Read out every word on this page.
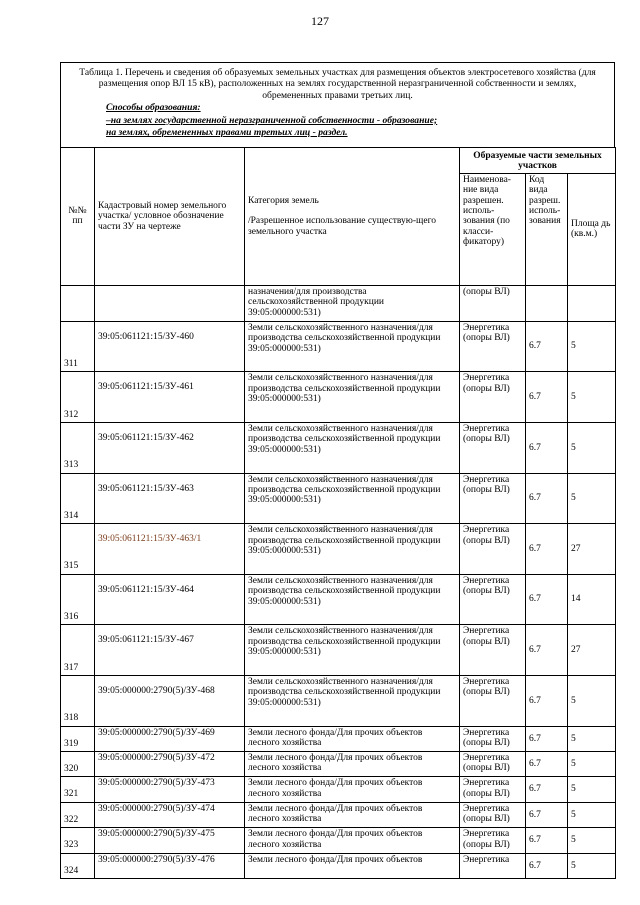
127
Таблица 1. Перечень и сведения об образуемых земельных участках для размещения объектов электросетевого хозяйства (для размещения опор ВЛ 15 кВ), расположенных на землях государственной неразграниченной собственности и землях, обремененных правами третьих лиц.
Способы образования:
–на землях государственной неразграниченной собственности - образование;
на землях, обремененных правами третьих лиц - раздел.
№№ пп	Кадастровый номер земельного участка/ условное обозначение части ЗУ на чертеже	Категория земель

/Разрешенное использование существую-щего земельного участка	Образуемые части земельных участков		
			Наименова-ние вида разрешен. исполь-зования (по класси-фикатору)	Код вида разреш. исполь-зования	Площа дь (кв.м.)
		назначения/для производства сельскохозяйственной продукции 39:05:000000:531)	(опоры ВЛ)		
311	39:05:061121:15/ЗУ-460	Земли сельскохозяйственного назначения/для производства сельскохозяйственной продукции 39:05:000000:531)	Энергетика (опоры ВЛ)	6.7	5
312	39:05:061121:15/ЗУ-461	Земли сельскохозяйственного назначения/для производства сельскохозяйственной продукции 39:05:000000:531)	Энергетика (опоры ВЛ)	6.7	5
313	39:05:061121:15/ЗУ-462	Земли сельскохозяйственного назначения/для производства сельскохозяйственной продукции 39:05:000000:531)	Энергетика (опоры ВЛ)	6.7	5
314	39:05:061121:15/ЗУ-463	Земли сельскохозяйственного назначения/для производства сельскохозяйственной продукции 39:05:000000:531)	Энергетика (опоры ВЛ)	6.7	5
315	39:05:061121:15/ЗУ-463/1	Земли сельскохозяйственного назначения/для производства сельскохозяйственной продукции 39:05:000000:531)	Энергетика (опоры ВЛ)	6.7	27
316	39:05:061121:15/ЗУ-464	Земли сельскохозяйственного назначения/для производства сельскохозяйственной продукции 39:05:000000:531)	Энергетика (опоры ВЛ)	6.7	14
317	39:05:061121:15/ЗУ-467	Земли сельскохозяйственного назначения/для производства сельскохозяйственной продукции 39:05:000000:531)	Энергетика (опоры ВЛ)	6.7	27
318	39:05:000000:2790(5)/ЗУ-468	Земли сельскохозяйственного назначения/для производства сельскохозяйственной продукции 39:05:000000:531)	Энергетика (опоры ВЛ)	6.7	5
319	39:05:000000:2790(5)/ЗУ-469	Земли лесного фонда/Для прочих объектов лесного хозяйства	Энергетика (опоры ВЛ)	6.7	5
320	39:05:000000:2790(5)/ЗУ-472	Земли лесного фонда/Для прочих объектов лесного хозяйства	Энергетика (опоры ВЛ)	6.7	5
321	39:05:000000:2790(5)/ЗУ-473	Земли лесного фонда/Для прочих объектов лесного хозяйства	Энергетика (опоры ВЛ)	6.7	5
322	39:05:000000:2790(5)/ЗУ-474	Земли лесного фонда/Для прочих объектов лесного хозяйства	Энергетика (опоры ВЛ)	6.7	5
323	39:05:000000:2790(5)/ЗУ-475	Земли лесного фонда/Для прочих объектов лесного хозяйства	Энергетика (опоры ВЛ)	6.7	5
324	39:05:000000:2790(5)/ЗУ-476	Земли лесного фонда/Для прочих объектов	Энергетика	6.7	5
